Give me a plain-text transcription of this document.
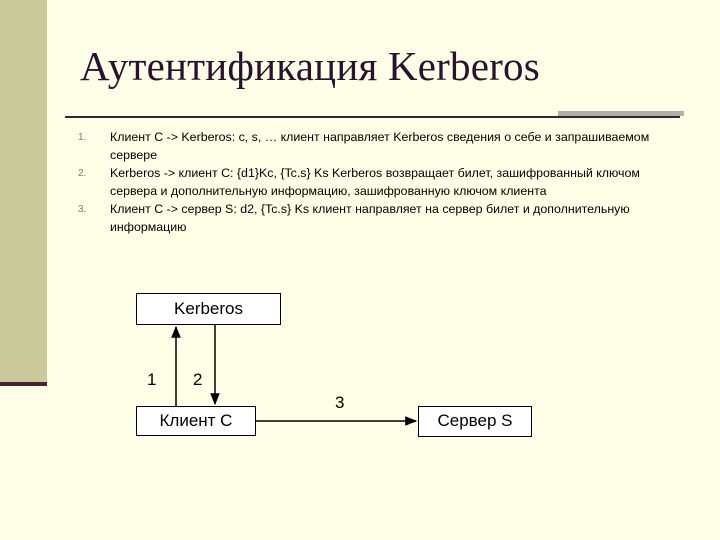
Аутентификация Kerberos
1. Клиент C -> Kerberos: c, s, … клиент направляет Kerberos сведения о себе и запрашиваемом сервере
2. Kerberos -> клиент C: {d1}Kc, {Tc.s} Ks Kerberos возвращает билет, зашифрованный ключом сервера и дополнительную информацию, зашифрованную ключом клиента
3. Клиент C -> сервер S: d2, {Tc.s} Ks клиент направляет на сервер билет и дополнительную информацию
Kerberos
Клиент C	Сервер S
1 2
3
